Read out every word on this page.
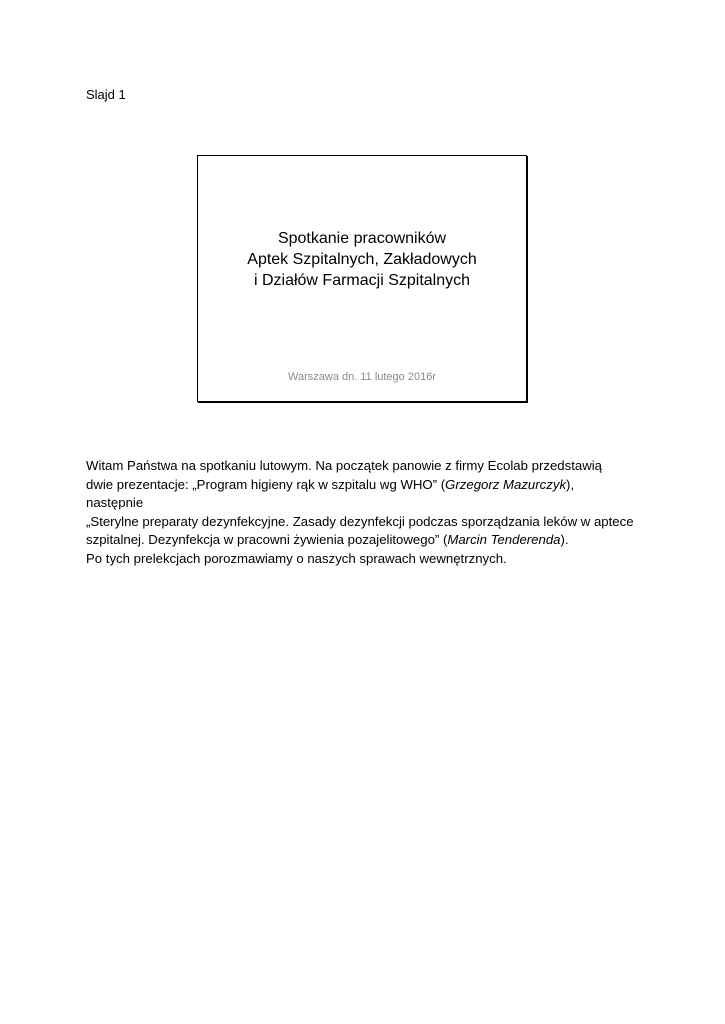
Slajd 1
Spotkanie pracowników
Aptek Szpitalnych, Zakładowych
i Działów Farmacji Szpitalnych
Warszawa dn. 11 lutego 2016r

Witam Państwa na spotkaniu lutowym. Na początek panowie z firmy Ecolab przedstawią

dwie prezentacje: „Program higieny rąk w szpitalu wg WHO” (Grzegorz Mazurczyk),

następnie

„Sterylne preparaty dezynfekcyjne. Zasady dezynfekcji podczas sporządzania leków w aptece

szpitalnej. Dezynfekcja w pracowni żywienia pozajelitowego” (Marcin Tenderenda).

Po tych prelekcjach porozmawiamy o naszych sprawach wewnętrznych.
